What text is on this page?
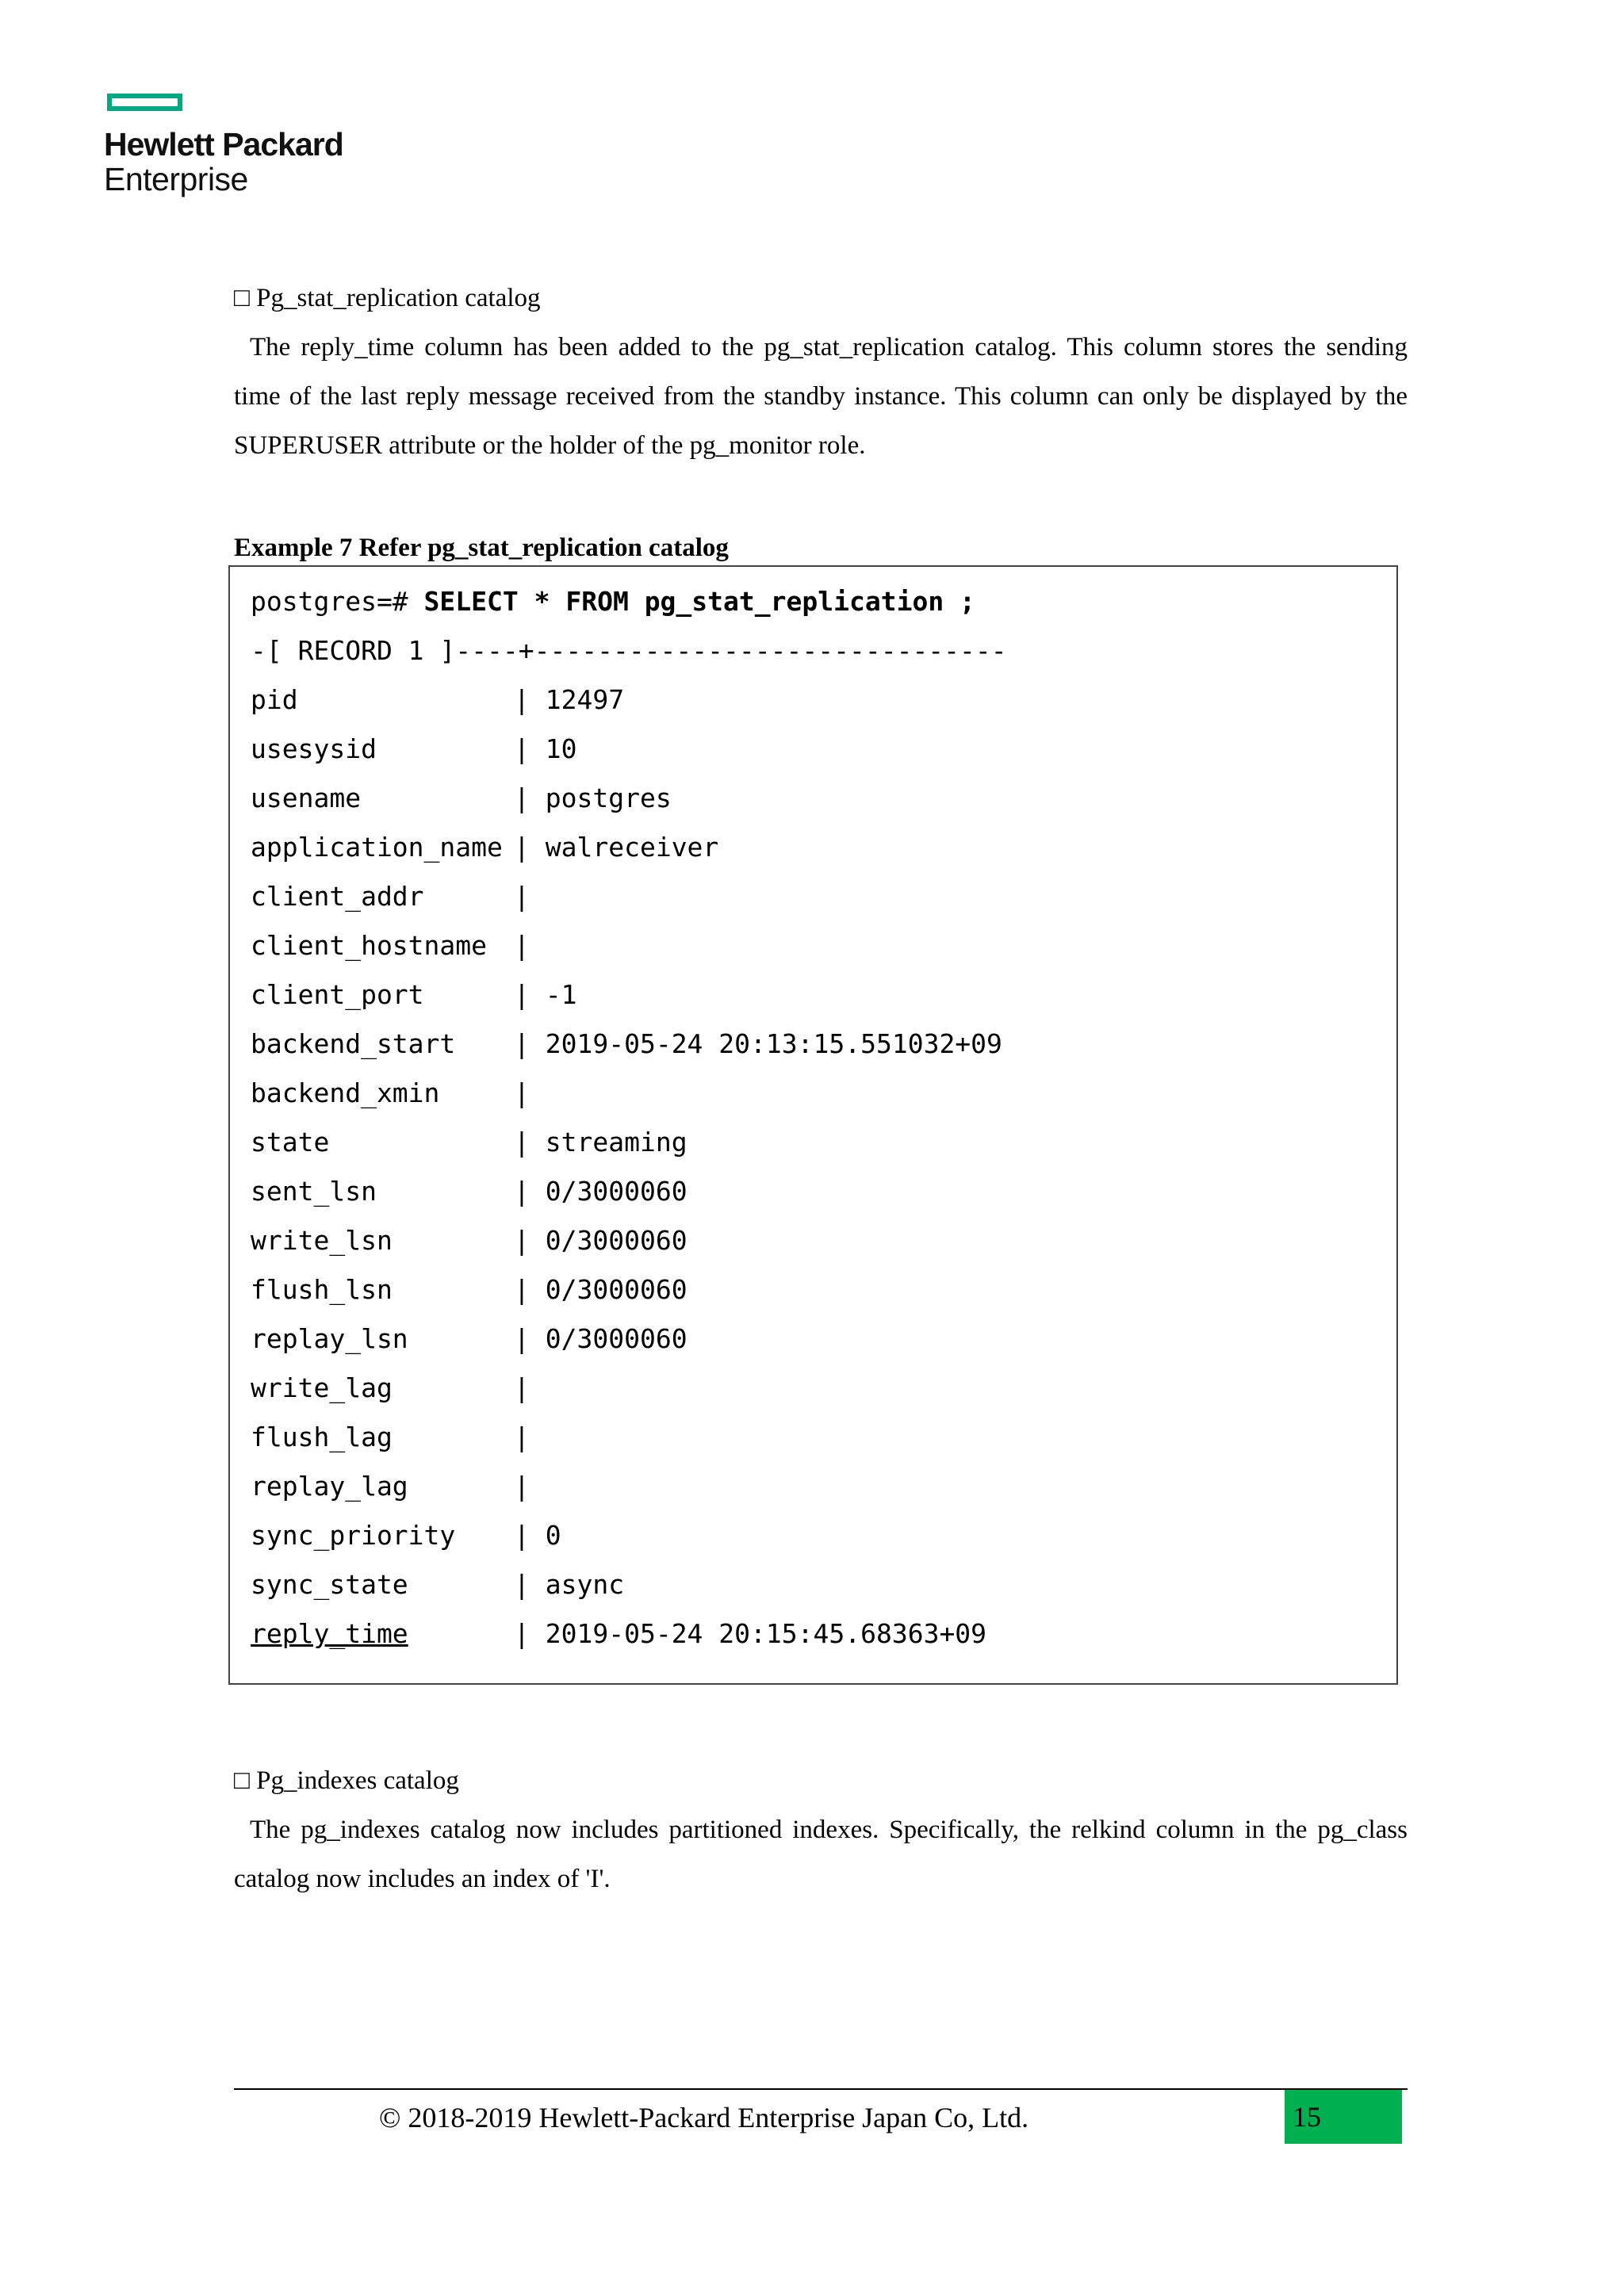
Hewlett Packard
Enterprise
□ Pg_stat_replication catalog
The reply_time column has been added to the pg_stat_replication catalog. This column stores the sending time of the last reply message received from the standby instance. This column can only be displayed by the SUPERUSER attribute or the holder of the pg_monitor role.
Example 7 Refer pg_stat_replication catalog
postgres=# SELECT * FROM pg_stat_replication ;
-[ RECORD 1 ]----+------------------------------
pid	| 12497
usesysid	| 10
usename	| postgres
application_name | walreceiver
client_addr	|
client_hostname |
client_port	| -1
backend_start | 2019-05-24 20:13:15.551032+09
backend_xmin	|
state	| streaming
sent_lsn	| 0/3000060
write_lsn	| 0/3000060
flush_lsn	| 0/3000060
replay_lsn	| 0/3000060
write_lag	|
flush_lag	|
replay_lag	|
sync_priority | 0
sync_state	| async
reply_time	| 2019-05-24 20:15:45.68363+09
□ Pg_indexes catalog
The pg_indexes catalog now includes partitioned indexes. Specifically, the relkind column in the pg_class catalog now includes an index of 'I'.
© 2018-2019 Hewlett-Packard Enterprise Japan Co, Ltd.	15
